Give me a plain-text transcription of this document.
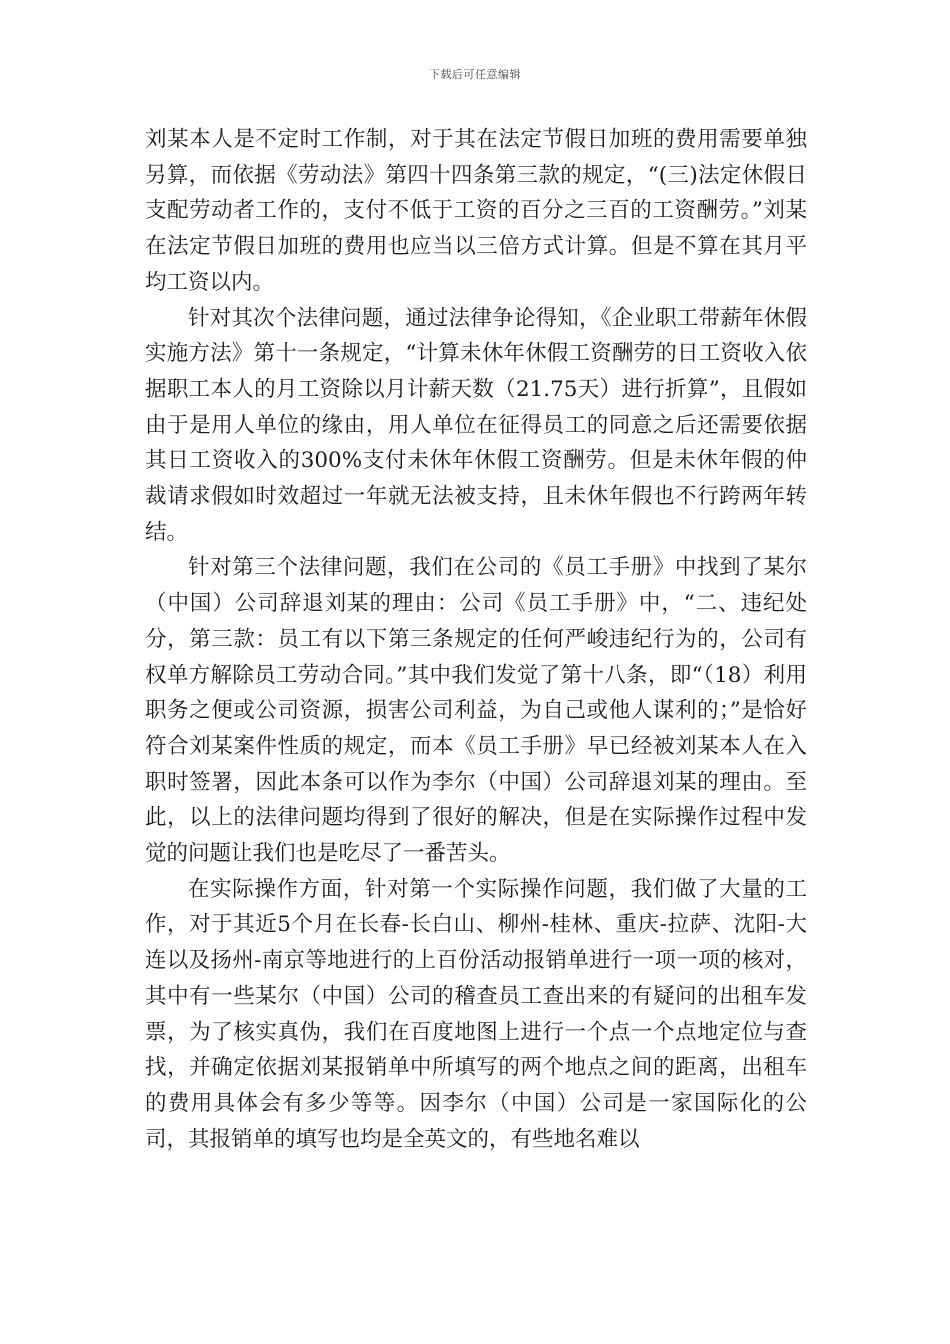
下载后可任意编辑

刘某本人是不定时工作制，对于其在法定节假日加班的费用需要单独另算，而依据《劳动法》第四十四条第三款的规定，“(三)法定休假日支配劳动者工作的，支付不低于工资的百分之三百的工资酬劳。”刘某在法定节假日加班的费用也应当以三倍方式计算。但是不算在其月平均工资以内。

针对其次个法律问题，通过法律争论得知，《企业职工带薪年休假实施方法》第十一条规定，“计算未休年休假工资酬劳的日工资收入依据职工本人的月工资除以月计薪天数（21.75天）进行折算”，且假如由于是用人单位的缘由，用人单位在征得员工的同意之后还需要依据其日工资收入的300%支付未休年休假工资酬劳。但是未休年假的仲裁请求假如时效超过一年就无法被支持，且未休年假也不行跨两年转结。

针对第三个法律问题，我们在公司的《员工手册》中找到了某尔（中国）公司辞退刘某的理由：公司《员工手册》中，“二、违纪处分，第三款：员工有以下第三条规定的任何严峻违纪行为的，公司有权单方解除员工劳动合同。”其中我们发觉了第十八条，即“（18）利用职务之便或公司资源，损害公司利益，为自己或他人谋利的；”是恰好符合刘某案件性质的规定，而本《员工手册》早已经被刘某本人在入职时签署，因此本条可以作为李尔（中国）公司辞退刘某的理由。至此，以上的法律问题均得到了很好的解决，但是在实际操作过程中发觉的问题让我们也是吃尽了一番苦头。

在实际操作方面，针对第一个实际操作问题，我们做了大量的工作，对于其近5个月在长春-长白山、柳州-桂林、重庆-拉萨、沈阳-大连以及扬州-南京等地进行的上百份活动报销单进行一项一项的核对，其中有一些某尔（中国）公司的稽查员工查出来的有疑问的出租车发票，为了核实真伪，我们在百度地图上进行一个点一个点地定位与查找，并确定依据刘某报销单中所填写的两个地点之间的距离，出租车的费用具体会有多少等等。因李尔（中国）公司是一家国际化的公司，其报销单的填写也均是全英文的，有些地名难以
